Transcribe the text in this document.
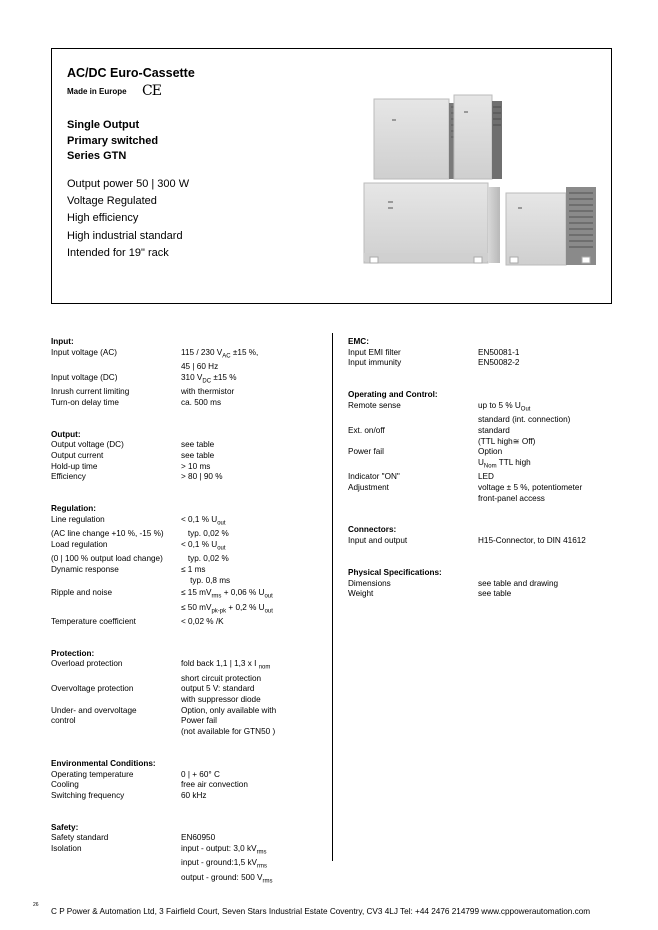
AC/DC Euro-Cassette
Made in Europe CE
Single Output
Primary switched
Series GTN
Output power 50 | 300 W
Voltage Regulated
High efficiency
High industrial standard
Intended for 19" rack
Input:
Input voltage (AC)	115 / 230 $V_{AC} \pm 15$ %,
45 | 60 Hz
Input voltage (DC)	310 $V_{DC} \pm 15$ %
Inrush current limiting	with thermistor
Turn-on delay time	ca. 500 ms
Output:
Output voltage (DC)	see table
Output current	see table
Hold-up time	> 10 ms
Efficiency	> 80 | 90 %
Regulation:
Line regulation	< 0,1 % $U_{out}$
(AC line change +10 %, -15 %)	typ. 0,02 %
Load regulation	< 0,1 % $U_{out}$
(0 | 100 % output load change)	typ. 0,02 %
Dynamic response	≤ 1 ms
typ. 0,8 ms
Ripple and noise	≤ 15 $mV_{rms} + 0,06$ % $U_{out}$
≤ 50 $mV_{pk-pk} + 0,2$ % $U_{out}$
Temperature coefficient	< 0,02 % /K
Protection:
Overload protection	fold back 1,1 | 1,3 x I $_{nom}$
short circuit protection
Overvoltage protection	output 5 V: standard
with suppressor diode
Under- and overvoltage	Option, only available with
control	Power fail
(not available for GTN50 )
Environmental Conditions:
Operating temperature	0 | + 60° C
Cooling	free air convection
Switching frequency	60 kHz
Safety:
Safety standard	EN60950
Isolation	input - output: 3,0 $kV_{rms}$
input - ground:1,5 $kV_{rms}$
output - ground: 500 $V_{rms}$
EMC:
Input EMI filter	EN50081-1
Input immunity	EN50082-2
Operating and Control:
Remote sense	up to 5 % $U_{Out}$
standard (int. connection)
Ext. on/off	standard
(TTL high≅ Off)
Power fail	Option
$U_{Nom}$ TTL high
Indicator "ON"	LED
Adjustment	voltage ± 5 %, potentiometer
front-panel access
Connectors:
Input and output	H15-Connector, to DIN 41612
Physical Specifications:
Dimensions	see table and drawing
Weight	see table
26
C P Power & Automation Ltd, 3 Fairfield Court, Seven Stars Industrial Estate Coventry, CV3 4LJ Tel: +44 2476 214799 www.cppowerautomation.com
